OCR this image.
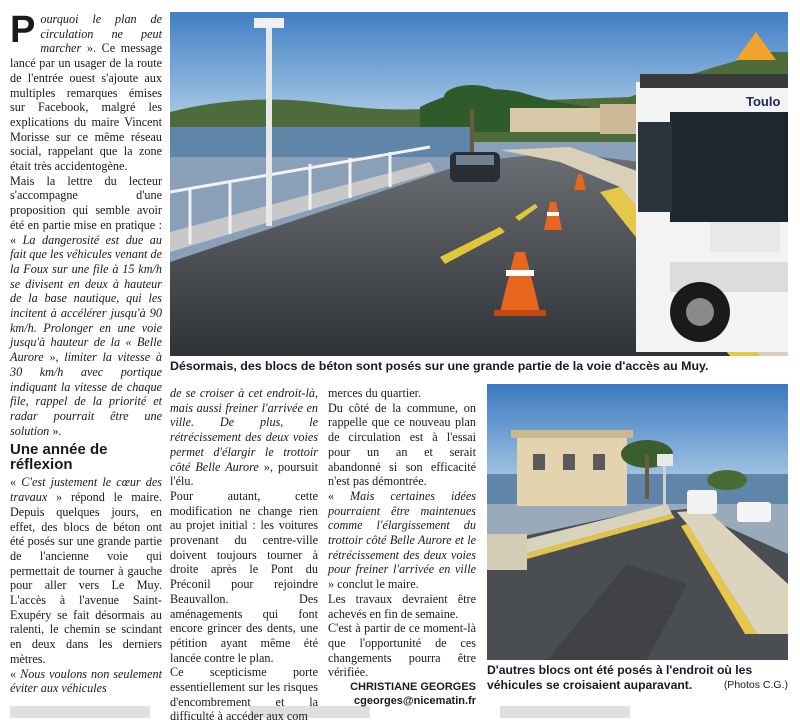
Pourquoi le plan de circulation ne peut marcher ». Ce message lancé par un usager de la route de l'entrée ouest s'ajoute aux multiples remarques émises sur Facebook, malgré les explications du maire Vincent Morisse sur ce même réseau social, rappelant que la zone était très accidentogène.

Mais la lettre du lecteur s'accompagne d'une proposition qui semble avoir été en partie mise en pratique : « La dangerosité est due au fait que les véhicules venant de la Foux sur une file à 15 km/h se divisent en deux à hauteur de la base nautique, qui les incitent à accélérer jusqu'à 90 km/h. Prolonger en une voie jusqu'à hauteur de la « Belle Aurore », limiter la vitesse à 30 km/h avec portique indiquant la vitesse de chaque file, rappel de la priorité et radar pourrait être une solution ».

Une année de réflexion

« C'est justement le cœur des travaux » répond le maire. Depuis quelques jours, en effet, des blocs de béton ont été posés sur une grande partie de l'ancienne voie qui permettait de tourner à gauche pour aller vers Le Muy. L'accès à l'avenue Saint-Exupéry se fait désormais au ralenti, le chemin se scindant en deux dans les derniers mètres.

« Nous voulons non seulement éviter aux véhicules

Toulo
Désormais, des blocs de béton sont posés sur une grande partie de la voie d'accès au Muy.

de se croiser à cet endroit-là, mais aussi freiner l'arrivée en ville. De plus, le rétrécissement des deux voies permet d'élargir le trottoir côté Belle Aurore », poursuit l'élu.

Pour autant, cette modification ne change rien au projet initial : les voitures provenant du centre-ville doivent toujours tourner à droite après le Pont du Préconil pour rejoindre Beauvallon. Des aménagements qui font encore grincer des dents, une pétition ayant même été lancée contre le plan.

Ce scepticisme porte essentiellement sur les risques d'encombrement et la difficulté à accéder aux com

merces du quartier.

Du côté de la commune, on rappelle que ce nouveau plan de circulation est à l'essai pour un an et serait abandonné si son efficacité n'est pas démontrée.

« Mais certaines idées pourraient être maintenues comme l'élargissement du trottoir côté Belle Aurore et le rétrécissement des deux voies pour freiner l'arrivée en ville » conclut le maire.

Les travaux devraient être achevés en fin de semaine.

C'est à partir de ce moment-là que l'opportunité de ces changements pourra être vérifiée.

CHRISTIANE GEORGES
cgeorges@nicematin.fr
D'autres blocs ont été posés à l'endroit où les véhicules se croisaient auparavant.	(Photos C.G.)
